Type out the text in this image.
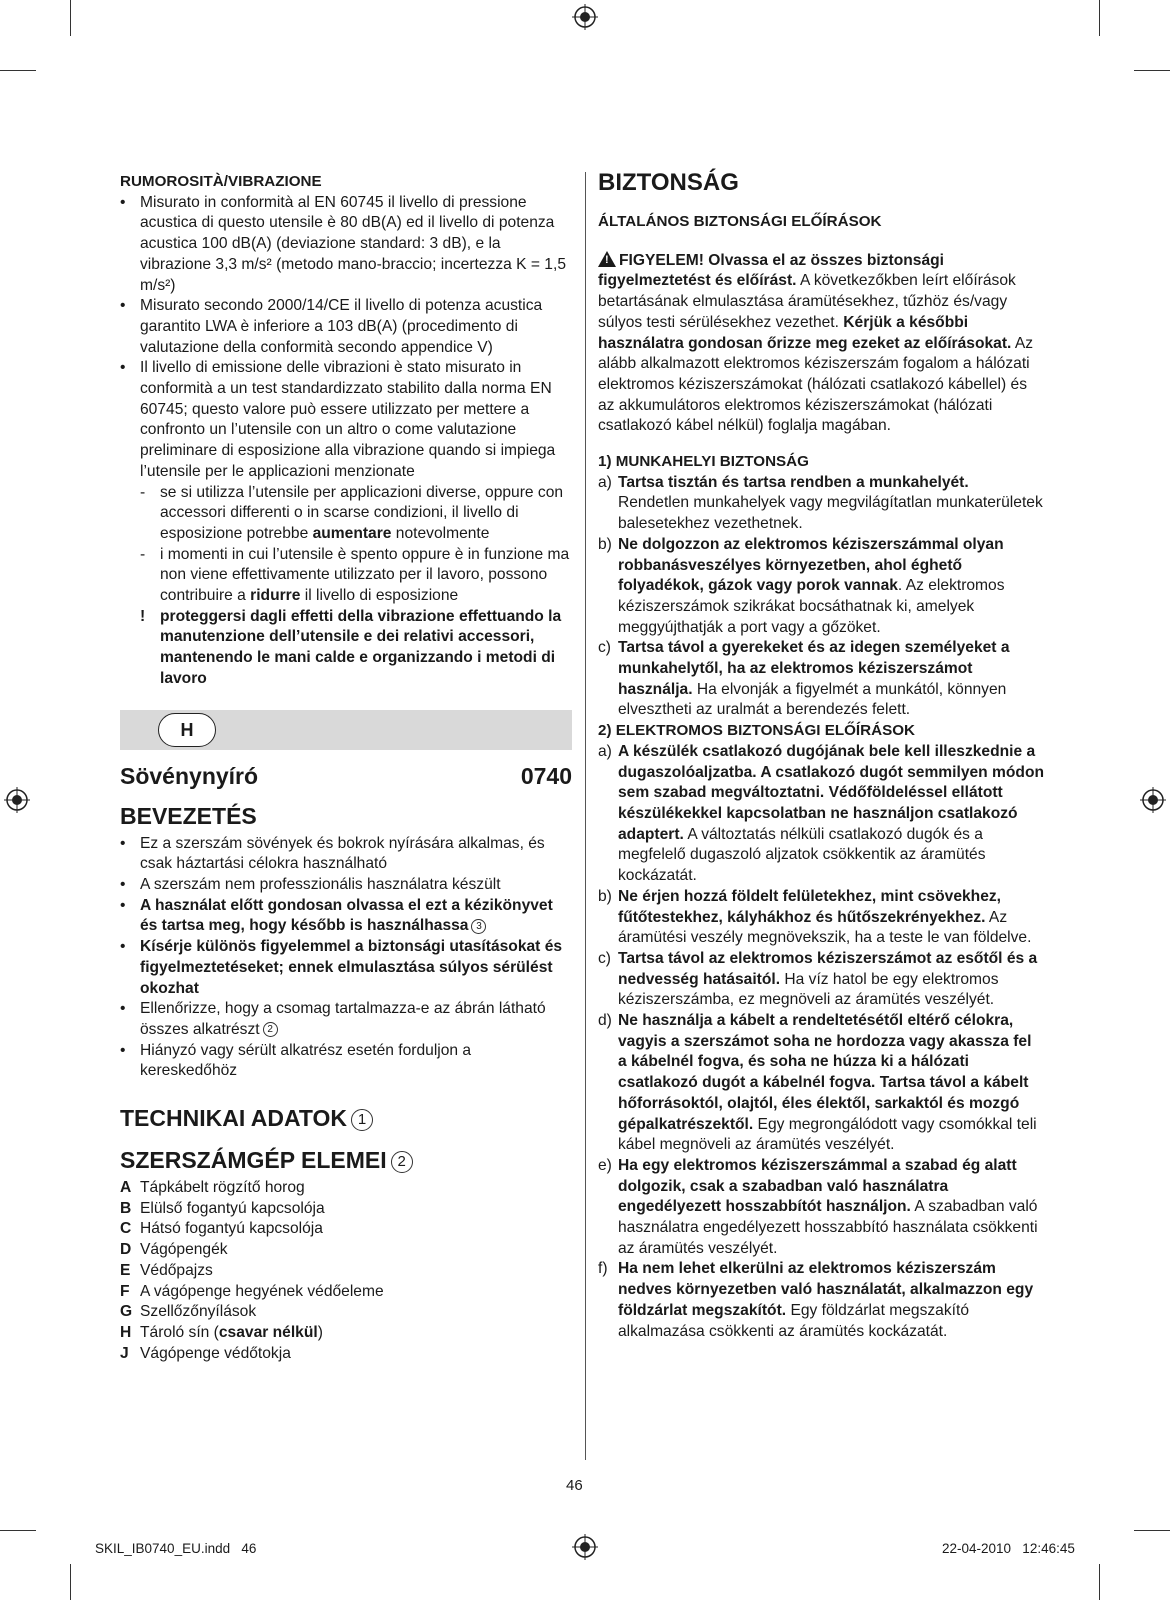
RUMOROSITÀ/VIBRAZIONE

• Misurato in conformità al EN 60745 il livello di pressione acustica di questo utensile è 80 dB(A) ed il livello di potenza acustica 100 dB(A) (deviazione standard: 3 dB), e la vibrazione 3,3 m/s² (metodo mano-braccio; incertezza K = 1,5 m/s²)
• Misurato secondo 2000/14/CE il livello di potenza acustica garantito LWA è inferiore a 103 dB(A) (procedimento di valutazione della conformità secondo appendice V)
• Il livello di emissione delle vibrazioni è stato misurato in conformità a un test standardizzato stabilito dalla norma EN 60745; questo valore può essere utilizzato per mettere a confronto un l’utensile con un altro o come valutazione preliminare di esposizione alla vibrazione quando si impiega l’utensile per le applicazioni menzionate
- se si utilizza l’utensile per applicazioni diverse, oppure con accessori differenti o in scarse condizioni, il livello di esposizione potrebbe aumentare notevolmente
- i momenti in cui l’utensile è spento oppure è in funzione ma non viene effettivamente utilizzato per il lavoro, possono contribuire a ridurre il livello di esposizione
! proteggersi dagli effetti della vibrazione effettuando la manutenzione dell’utensile e dei relativi accessori, mantenendo le mani calde e organizzando i metodi di lavoro
H
Sövénynyíró	0740

BEVEZETÉS

• Ez a szerszám sövények és bokrok nyírására alkalmas, és csak háztartási célokra használható
• A szerszám nem professzionális használatra készült
• A használat előtt gondosan olvassa el ezt a kézikönyvet és tartsa meg, hogy később is használhassa 3
• Kísérje különös figyelemmel a biztonsági utasításokat és figyelmeztetéseket; ennek elmulasztása súlyos sérülést okozhat
• Ellenőrizze, hogy a csomag tartalmazza-e az ábrán látható összes alkatrészt 2
• Hiányzó vagy sérült alkatrész esetén forduljon a kereskedőhöz

TECHNIKAI ADATOK 1

SZERSZÁMGÉP ELEMEI 2

A Tápkábelt rögzítő horog
B Elülső fogantyú kapcsolója
C Hátsó fogantyú kapcsolója
D Vágópengék
E Védőpajzs
F A vágópenge hegyének védőeleme
G Szellőzőnyílások
H Tároló sín (csavar nélkül)
J Vágópenge védőtokja

BIZTONSÁG

ÁLTALÁNOS BIZTONSÁGI ELŐÍRÁSOK

! FIGYELEM! Olvassa el az összes biztonsági figyelmeztetést és előírást. A következőkben leírt előírások betartásának elmulasztása áramütésekhez, tűzhöz és/vagy súlyos testi sérülésekhez vezethet. Kérjük a későbbi használatra gondosan őrizze meg ezeket az előírásokat. Az alább alkalmazott elektromos kéziszerszám fogalom a hálózati elektromos kéziszerszámokat (hálózati csatlakozó kábellel) és az akkumulátoros elektromos kéziszerszámokat (hálózati csatlakozó kábel nélkül) foglalja magában.

1) MUNKAHELYI BIZTONSÁG

a) Tartsa tisztán és tartsa rendben a munkahelyét. Rendetlen munkahelyek vagy megvilágítatlan munkaterületek balesetekhez vezethetnek.
b) Ne dolgozzon az elektromos kéziszerszámmal olyan robbanásveszélyes környezetben, ahol éghető folyadékok, gázok vagy porok vannak. Az elektromos kéziszerszámok szikrákat bocsáthatnak ki, amelyek meggyújthatják a port vagy a gőzöket.
c) Tartsa távol a gyerekeket és az idegen személyeket a munkahelytől, ha az elektromos kéziszerszámot használja. Ha elvonják a figyelmét a munkától, könnyen elvesztheti az uralmát a berendezés felett.

2) ELEKTROMOS BIZTONSÁGI ELŐÍRÁSOK

a) A készülék csatlakozó dugójának bele kell illeszkednie a dugaszolóaljzatba. A csatlakozó dugót semmilyen módon sem szabad megváltoztatni. Védőföldeléssel ellátott készülékekkel kapcsolatban ne használjon csatlakozó adaptert. A változtatás nélküli csatlakozó dugók és a megfelelő dugaszoló aljzatok csökkentik az áramütés kockázatát.
b) Ne érjen hozzá földelt felületekhez, mint csövekhez, fűtőtestekhez, kályhákhoz és hűtőszekrényekhez. Az áramütési veszély megnövekszik, ha a teste le van földelve.
c) Tartsa távol az elektromos kéziszerszámot az esőtől és a nedvesség hatásaitól. Ha víz hatol be egy elektromos kéziszerszámba, ez megnöveli az áramütés veszélyét.
d) Ne használja a kábelt a rendeltetésétől eltérő célokra, vagyis a szerszámot soha ne hordozza vagy akassza fel a kábelnél fogva, és soha ne húzza ki a hálózati csatlakozó dugót a kábelnél fogva. Tartsa távol a kábelt hőforrásoktól, olajtól, éles élektől, sarkaktól és mozgó gépalkatrészektől. Egy megrongálódott vagy csomókkal teli kábel megnöveli az áramütés veszélyét.
e) Ha egy elektromos kéziszerszámmal a szabad ég alatt dolgozik, csak a szabadban való használatra engedélyezett hosszabbítót használjon. A szabadban való használatra engedélyezett hosszabbító használata csökkenti az áramütés veszélyét.
f) Ha nem lehet elkerülni az elektromos kéziszerszám nedves környezetben való használatát, alkalmazzon egy földzárlat megszakítót. Egy földzárlat megszakító alkalmazása csökkenti az áramütés kockázatát.
46
SKIL_IB0740_EU.indd   46	22-04-2010   12:46:45
